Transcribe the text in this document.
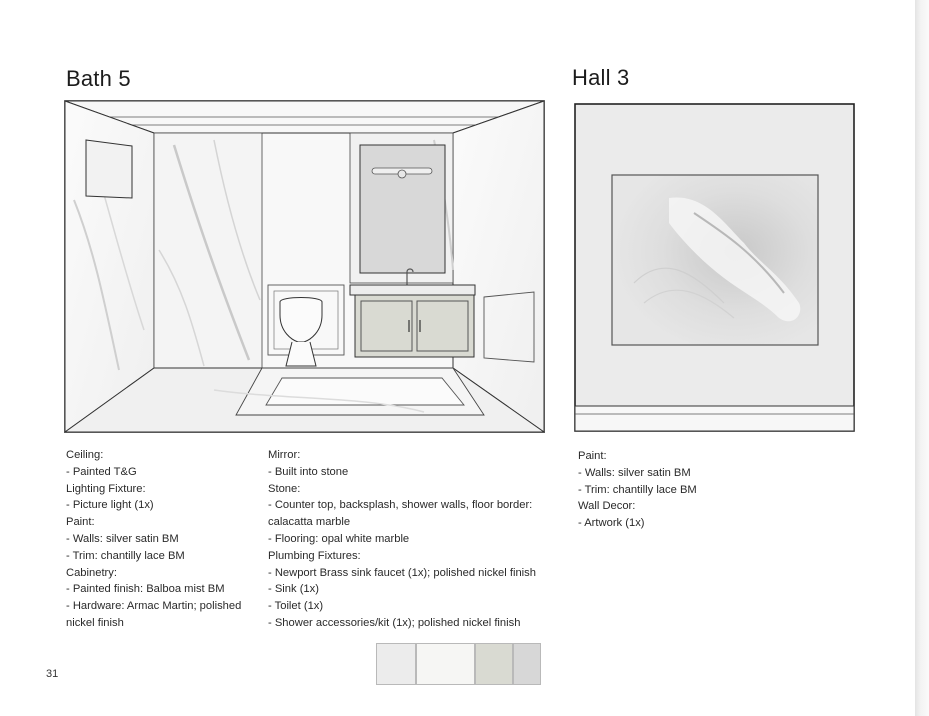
Bath 5	Hall 3
Ceiling:
- Painted T&G
Lighting Fixture:
- Picture light (1x)
Paint:
- Walls: silver satin BM
- Trim: chantilly lace BM
Cabinetry:
- Painted finish: Balboa mist BM
- Hardware: Armac Martin; polished
nickel finish
Mirror:
- Built into stone
Stone:
- Counter top, backsplash, shower walls, floor border:
calacatta marble
- Flooring: opal white marble
Plumbing Fixtures:
- Newport Brass sink faucet (1x); polished nickel finish
- Sink (1x)
- Toilet (1x)
- Shower accessories/kit (1x); polished nickel finish
Paint:
- Walls: silver satin BM
- Trim: chantilly lace BM
Wall Decor:
- Artwork (1x)
31
